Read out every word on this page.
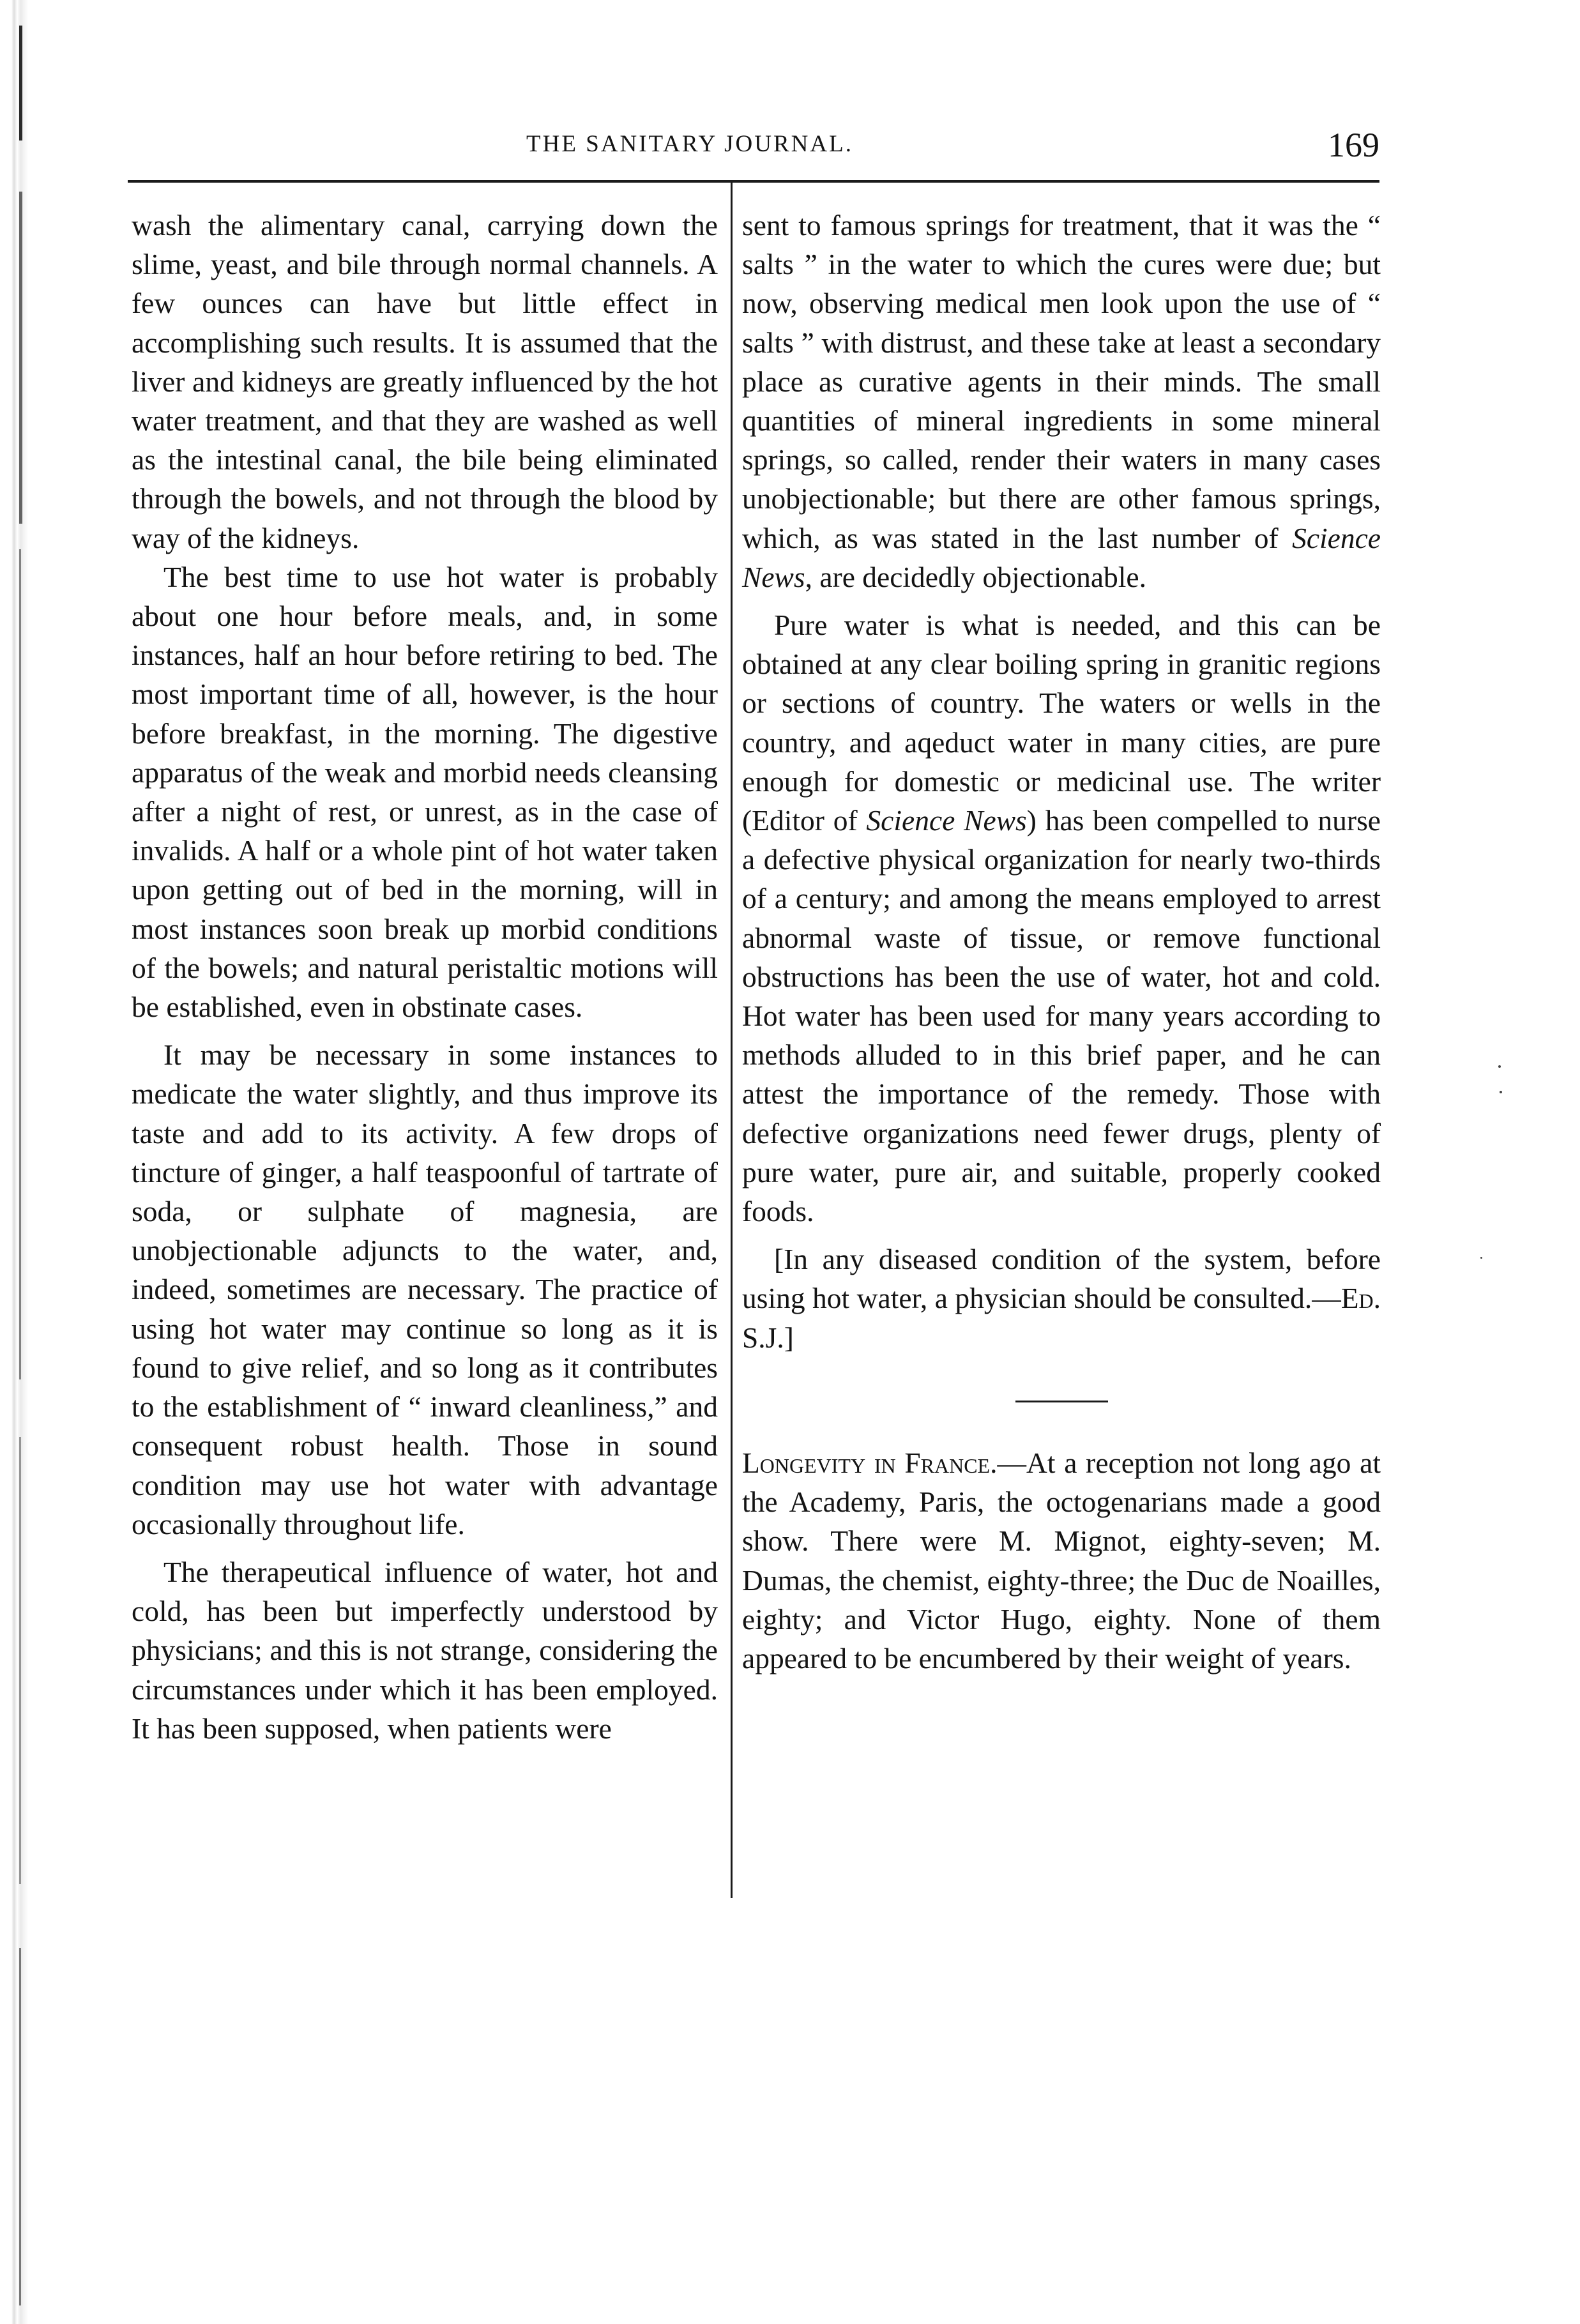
THE SANITARY JOURNAL.	169

wash the alimentary canal, carrying down the slime, yeast, and bile through normal channels. A few ounces can have but little effect in accomplishing such results. It is assumed that the liver and kidneys are greatly influenced by the hot water treatment, and that they are washed as well as the intestinal canal, the bile being eliminated through the bowels, and not through the blood by way of the kidneys.

The best time to use hot water is probably about one hour before meals, and, in some instances, half an hour before retiring to bed. The most important time of all, however, is the hour before breakfast, in the morning. The digestive apparatus of the weak and morbid needs cleansing after a night of rest, or unrest, as in the case of invalids. A half or a whole pint of hot water taken upon getting out of bed in the morning, will in most instances soon break up morbid conditions of the bowels; and natural peristaltic motions will be established, even in obstinate cases.

It may be necessary in some instances to medicate the water slightly, and thus improve its taste and add to its activity. A few drops of tincture of ginger, a half teaspoonful of tartrate of soda, or sulphate of magnesia, are unobjectionable adjuncts to the water, and, indeed, sometimes are necessary. The practice of using hot water may continue so long as it is found to give relief, and so long as it contributes to the establishment of “ inward cleanliness,” and consequent robust health. Those in sound condition may use hot water with advantage occasionally throughout life.

The therapeutical influence of water, hot and cold, has been but imperfectly understood by physicians; and this is not strange, considering the circumstances under which it has been employed. It has been supposed, when patients were

sent to famous springs for treatment, that it was the “ salts ” in the water to which the cures were due; but now, observing medical men look upon the use of “ salts ” with distrust, and these take at least a secondary place as curative agents in their minds. The small quantities of mineral ingredients in some mineral springs, so called, render their waters in many cases unobjectionable; but there are other famous springs, which, as was stated in the last number of Science News, are decidedly objectionable.

Pure water is what is needed, and this can be obtained at any clear boiling spring in granitic regions or sections of country. The waters or wells in the country, and aqeduct water in many cities, are pure enough for domestic or medicinal use. The writer (Editor of Science News) has been compelled to nurse a defective physical organization for nearly two-thirds of a century; and among the means employed to arrest abnormal waste of tissue, or remove functional obstructions has been the use of water, hot and cold. Hot water has been used for many years according to methods alluded to in this brief paper, and he can attest the importance of the remedy. Those with defective organizations need fewer drugs, plenty of pure water, pure air, and suitable, properly cooked foods.

[In any diseased condition of the system, before using hot water, a physician should be consulted.—Ed. S.J.]

Longevity in France.—At a reception not long ago at the Academy, Paris, the octogenarians made a good show. There were M. Mignot, eighty-seven; M. Dumas, the chemist, eighty-three; the Duc de Noailles, eighty; and Victor Hugo, eighty. None of them appeared to be encumbered by their weight of years.
